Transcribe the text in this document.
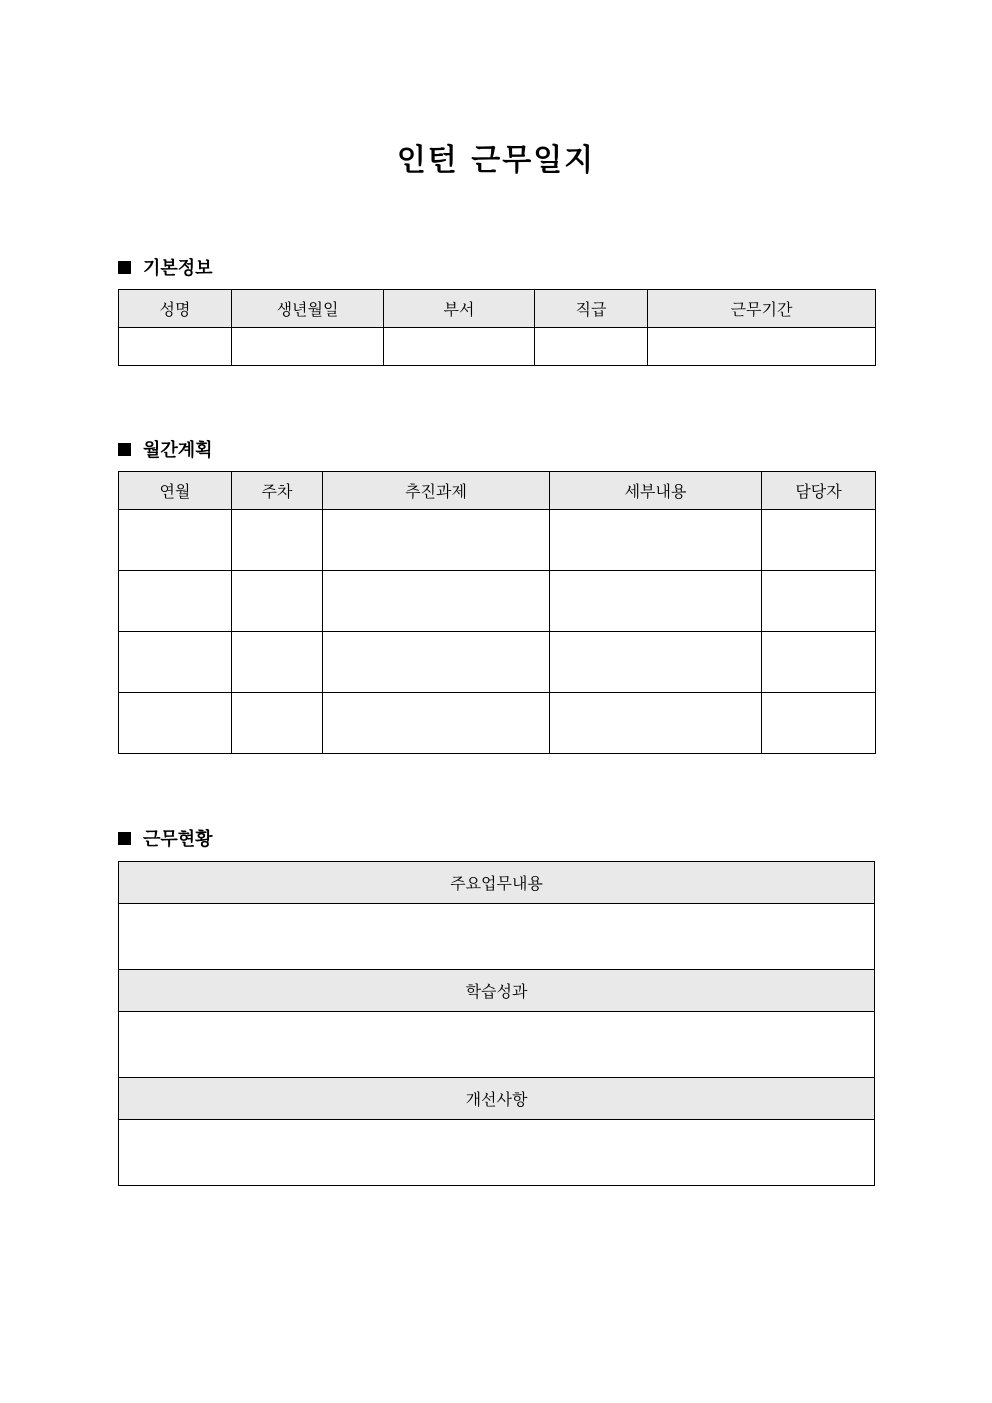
인턴 근무일지
기본정보
성명	생년월일	부서	직급	근무기간

월간계획
연월	주차	추진과제	세부내용	담당자

근무현황
주요업무내용

학습성과

개선사항
